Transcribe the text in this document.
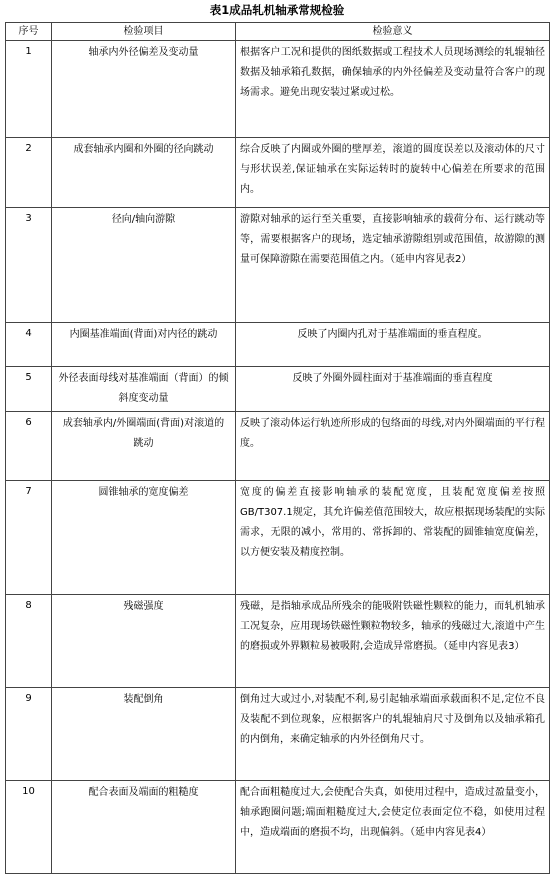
表1成品轧机轴承常规检验
序号	检验项目	检验意义
1	轴承内外径偏差及变动量	根据客户工况和提供的图纸数据或工程技术人员现场测绘的轧辊轴径数据及轴承箱孔数据，确保轴承的内外径偏差及变动量符合客户的现场需求。避免出现安装过紧或过松。
2	成套轴承内圈和外圈的径向跳动	综合反映了内圈或外圈的壁厚差，滚道的圆度误差以及滚动体的尺寸与形状误差,保证轴承在实际运转时的旋转中心偏差在所要求的范围内。
3	径向/轴向游隙	游隙对轴承的运行至关重要，直接影响轴承的载荷分布、运行跳动等等，需要根据客户的现场，选定轴承游隙组别或范围值，故游隙的测量可保障游隙在需要范围值之内。（延申内容见表2）
4	内圈基准端面(背面)对内径的跳动	反映了内圈内孔对于基准端面的垂直程度。
5	外径表面母线对基准端面（背面）的倾斜度变动量	反映了外圈外圆柱面对于基准端面的垂直程度
6	成套轴承内/外圈端面(背面)对滚道的跳动	反映了滚动体运行轨迹所形成的包络面的母线,对内外圈端面的平行程度。
7	圆锥轴承的宽度偏差	宽度的偏差直接影响轴承的装配宽度，且装配宽度偏差按照GB/T307.1规定，其允许偏差值范围较大，故应根据现场装配的实际需求，无限的减小，常用的、常拆卸的、常装配的圆锥轴宽度偏差，以方便安装及精度控制。
8	残磁强度	残磁，是指轴承成品所残余的能吸附铁磁性颗粒的能力，而轧机轴承工况复杂，应用现场铁磁性颗粒物较多，轴承的残磁过大,滚道中产生的磨损或外界颗粒易被吸附,会造成异常磨损。（延申内容见表3）
9	装配倒角	倒角过大或过小,对装配不利,易引起轴承端面承载面积不足,定位不良及装配不到位现象，应根据客户的轧辊轴肩尺寸及倒角以及轴承箱孔的内倒角，来确定轴承的内外径倒角尺寸。
10	配合表面及端面的粗糙度	配合面粗糙度过大,会使配合失真，如使用过程中，造成过盈量变小，轴承跑圈问题;端面粗糙度过大,会使定位表面定位不稳，如使用过程中，造成端面的磨损不均，出现偏斜。（延申内容见表4）
